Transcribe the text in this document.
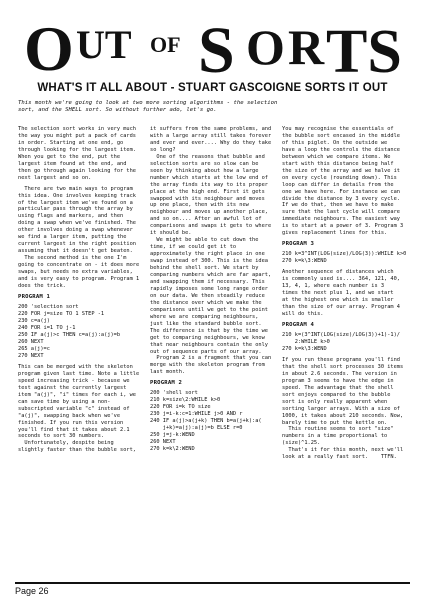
O UT OF S O R TS
WHAT'S IT ALL ABOUT - STUART GASCOIGNE SORTS IT OUT
This month we're going to look at two more sorting algorithms - the selection
sort, and the SHELL sort. So without further ado, let's go.

The selection sort works in very much
the way you might put a pack of cards
in order. Starting at one end, go
through looking for the largest item.
When you get to the end, put the
largest item found at the end, and
then go through again looking for the
next largest and so on.

There are two main ways to program
this idea. One involves keeping track
of the largest item we've found on a
particular pass through the array by
using flags and markers, and then
doing a swap when we've finished. The
other involves doing a swap whenever
we find a larger item, putting the
current largest in the right position
assuming that it doesn't get beaten.
The second method is the one I'm
going to concentrate on - it does more
swaps, but needs no extra variables,
and is very easy to program. Program 1
does the trick.

PROGRAM 1
200 'selection sort
220 FOR j=size TO 1 STEP -1
230 c=a(j)
240 FOR i=1 TO j-1
250 IF a(j)>c THEN c=a(j):a(j)=b
260 NEXT
265 a(j)=c
270 NEXT

This can be merged with the skeleton
program given last time. Note a little
speed increasing trick - because we
test against the currently largest
item "a(j)", "i" times for each i, we
can save time by using a non-
subscripted variable "c" instead of
"a(j)", swapping back when we've
finished. If you run this version
you'll find that it takes about 2.1
seconds to sort 30 numbers.
Unfortunately, despite being
slightly faster than the bubble sort,

it suffers from the same problems, and
with a large array still takes forever
and ever and ever.... Why do they take
so long?
One of the reasons that bubble and
selection sorts are so slow can be
seen by thinking about how a large
number which starts at the low end of
the array finds its way to its proper
place at the high end. First it gets
swapped with its neighbour and moves
up one place, then with its new
neighbour and moves up another place,
and so on.... After an awful lot of
comparisons and swaps it gets to where
it should be.
We might be able to cut down the
time, if we could get it to
approximately the right place in one
swap instead of 300. This is the idea
behind the shell sort. We start by
comparing numbers which are far apart,
and swapping them if necessary. This
rapidly imposes some long range order
on our data. We then steadily reduce
the distance over which we make the
comparisons until we get to the point
where we are comparing neighbours,
just like the standard bubble sort.
The difference is that by the time we
get to comparing neighbours, we know
that near neighbours contain the only
out of sequence parts of our array.
Program 2 is a fragment that you can
merge with the skeleton program from
last month.

PROGRAM 2
200 'shell sort
210 k=size\2:WHILE k>0
220 FOR i=k TO size
230 j=i-k:c=1:WHILE j>0 AND r
240 IF a(j)>a(j+k) THEN b=a(j+k):a(
j+k)=a(j):a(j)=b ELSE r=0
250 j=j-k:WEND
260 NEXT
270 k=k\2:WEND

You may recognise the essentials of
the bubble sort encased in the middle
of this piglet. On the outside we
have a loop the controls the distance
between which we compare items. We
start with this distance being half
the size of the array and we halve it
on every cycle (rounding down). This
loop can differ in details from the
one we have here. For instance we can
divide the distance by 3 every cycle.
If we do that, then we have to make
sure that the last cycle will compare
immediate neighbours. The easiest way
is to start at a power of 3. Program 3
gives replacement lines for this.

PROGRAM 3
210 k=3^INT(LOG(size)/LOG(3)):WHILE k>0
270 k=k\3:WEND

Another sequence of distances which
is commonly used is.... 364, 121, 40,
13, 4, 1, where each number is 3
times the next plus 1, and we start
at the highest one which is smaller
than the size of our array. Program 4
will do this.

PROGRAM 4
210 k=(3^INT(LOG(size)/LOG(3))+1)-1)/
2:WHILE k>0
270 k=k\3:WEND

If you run these programs you'll find
that the shell sort processes 30 items
in about 2.6 seconds. The version in
program 3 seems to have the edge in
speed. The advantage that the shell
sort enjoys compared to the bubble
sort is only really apparent when
sorting larger arrays. With a size of
1000, it takes about 210 seconds. Now,
barely time to put the kettle on.
This routine seems to sort "size"
numbers in a time proportional to
(size)^1.25.
That's it for this month, next we'll
look at a really fast sort.    TTFN.

Page 26
